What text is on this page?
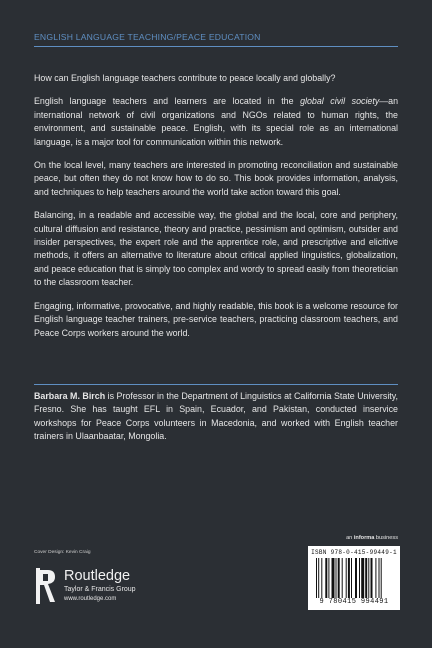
ENGLISH LANGUAGE TEACHING/PEACE EDUCATION

How can English language teachers contribute to peace locally and globally?

English language teachers and learners are located in the global civil society—an international network of civil organizations and NGOs related to human rights, the environment, and sustainable peace. English, with its special role as an international language, is a major tool for communication within this network.

On the local level, many teachers are interested in promoting reconciliation and sustainable peace, but often they do not know how to do so. This book provides information, analysis, and techniques to help teachers around the world take action toward this goal.

Balancing, in a readable and accessible way, the global and the local, core and periphery, cultural diffusion and resistance, theory and practice, pessimism and optimism, outsider and insider perspectives, the expert role and the apprentice role, and prescriptive and elicitive methods, it offers an alternative to literature about critical applied linguistics, globalization, and peace education that is simply too complex and wordy to spread easily from theoretician to the classroom teacher.

Engaging, informative, provocative, and highly readable, this book is a welcome resource for English language teacher trainers, pre-service teachers, practicing classroom teachers, and Peace Corps workers around the world.

Barbara M. Birch is Professor in the Department of Linguistics at California State University, Fresno. She has taught EFL in Spain, Ecuador, and Pakistan, conducted inservice workshops for Peace Corps volunteers in Macedonia, and worked with English teacher trainers in Ulaanbaatar, Mongolia.

an informa business
ISBN 978-0-415-99449-1
9 780415 994491
Cover Design: Kevin Craig
Routledge
Taylor & Francis Group
www.routledge.com
